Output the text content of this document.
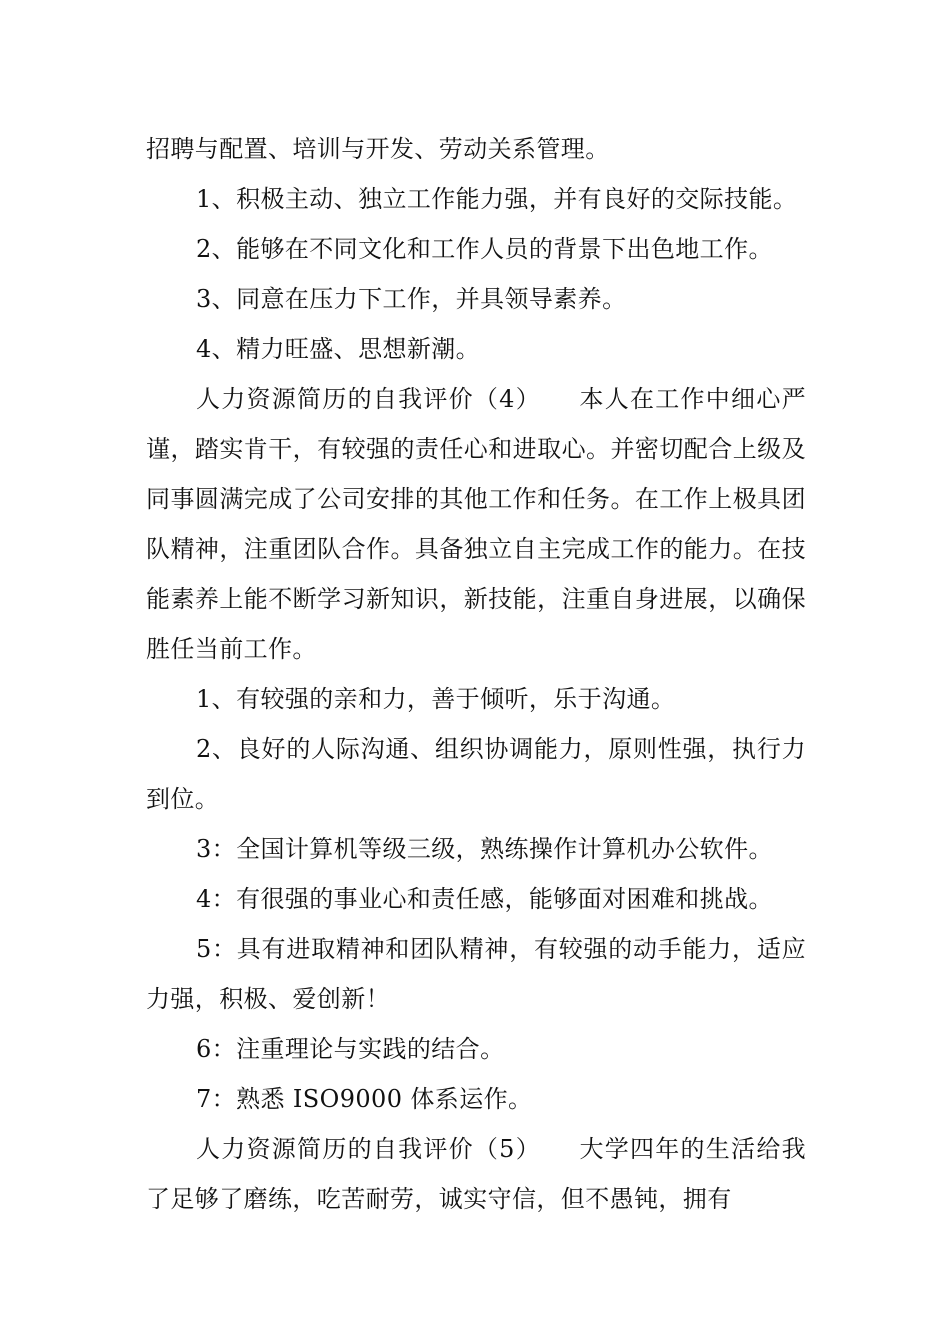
招聘与配置、培训与开发、劳动关系管理。

1、积极主动、独立工作能力强，并有良好的交际技能。

2、能够在不同文化和工作人员的背景下出色地工作。

3、同意在压力下工作，并具领导素养。

4、精力旺盛、思想新潮。

人力资源简历的自我评价（4）　　本人在工作中细心严谨，踏实肯干，有较强的责任心和进取心。并密切配合上级及同事圆满完成了公司安排的其他工作和任务。在工作上极具团队精神，注重团队合作。具备独立自主完成工作的能力。在技能素养上能不断学习新知识，新技能，注重自身进展，以确保胜任当前工作。

1、有较强的亲和力，善于倾听，乐于沟通。

2、良好的人际沟通、组织协调能力，原则性强，执行力到位。

3：全国计算机等级三级，熟练操作计算机办公软件。

4：有很强的事业心和责任感，能够面对困难和挑战。

5：具有进取精神和团队精神，有较强的动手能力，适应力强，积极、爱创新！

6：注重理论与实践的结合。

7：熟悉 ISO9000 体系运作。

人力资源简历的自我评价（5）　　大学四年的生活给我了足够了磨练，吃苦耐劳，诚实守信，但不愚钝，拥有
